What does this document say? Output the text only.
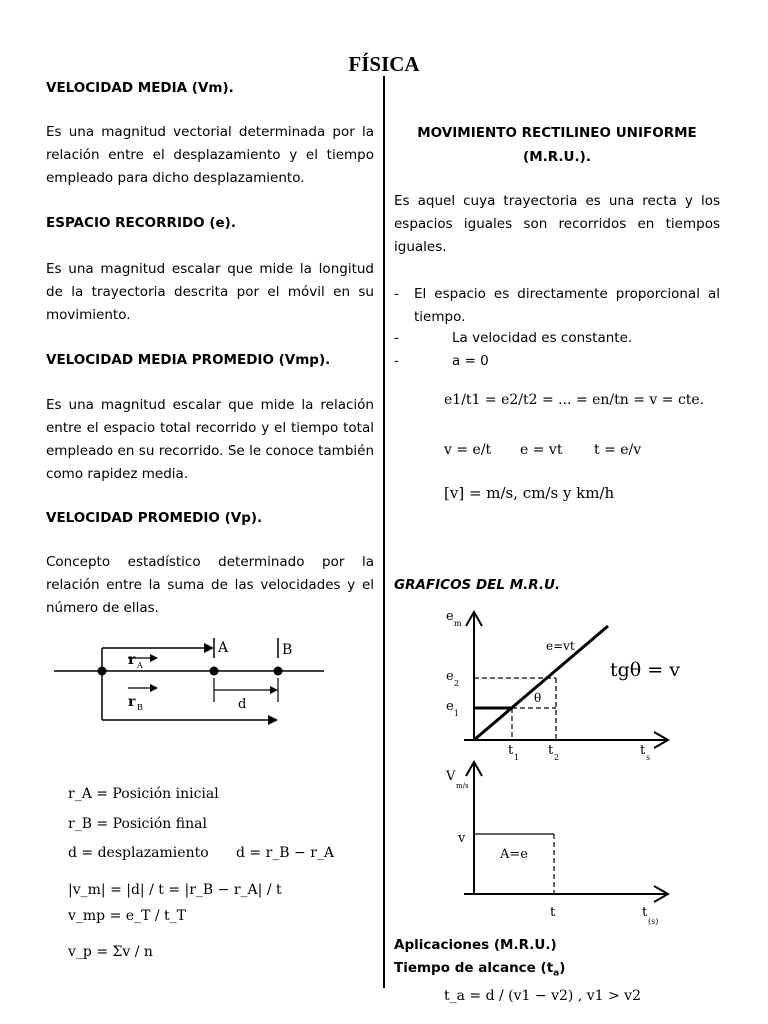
FÍSICA
VELOCIDAD MEDIA (Vm).
Es una magnitud vectorial determinada por la relación entre el desplazamiento y el tiempo empleado para dicho desplazamiento.
ESPACIO RECORRIDO (e).
Es una magnitud escalar que mide la longitud de la trayectoria descrita por el móvil en su movimiento.
VELOCIDAD MEDIA PROMEDIO (Vmp).
Es una magnitud escalar que mide la relación entre el espacio total recorrido y el tiempo total empleado en su recorrido. Se le conoce también como rapidez media.
VELOCIDAD PROMEDIO (Vp).
Concepto estadístico determinado por la relación entre la suma de las velocidades y el número de ellas.
A	B
r A
r B	d
r_A = Posición inicial
r_B = Posición final
d = desplazamiento d = r_B − r_A
|v_m| = |d| / t = |r_B − r_A| / t
v_mp = e_T / t_T
v_p = Σv / n
MOVIMIENTO RECTILINEO UNIFORME
(M.R.U.).
Es aquel cuya trayectoria es una recta y los espacios iguales son recorridos en tiempos iguales.
- El espacio es directamente proporcional al tiempo.
-	La velocidad es constante.
-	a = 0
e1/t1 = e2/t2 = ... = en/tn = v = cte.
v = e/t e = vt t = e/v
[v] = m/s, cm/s y km/h
GRAFICOS DEL M.R.U.
e m
e=vt
θ
e 2
e 1
t 1 t 2	t s
tgθ = v
V
m/s
v
A=e
t	t
(s)
Aplicaciones (M.R.U.)
Tiempo de alcance $(t_a)$
t_a = d / (v1 − v2) , v1 > v2
